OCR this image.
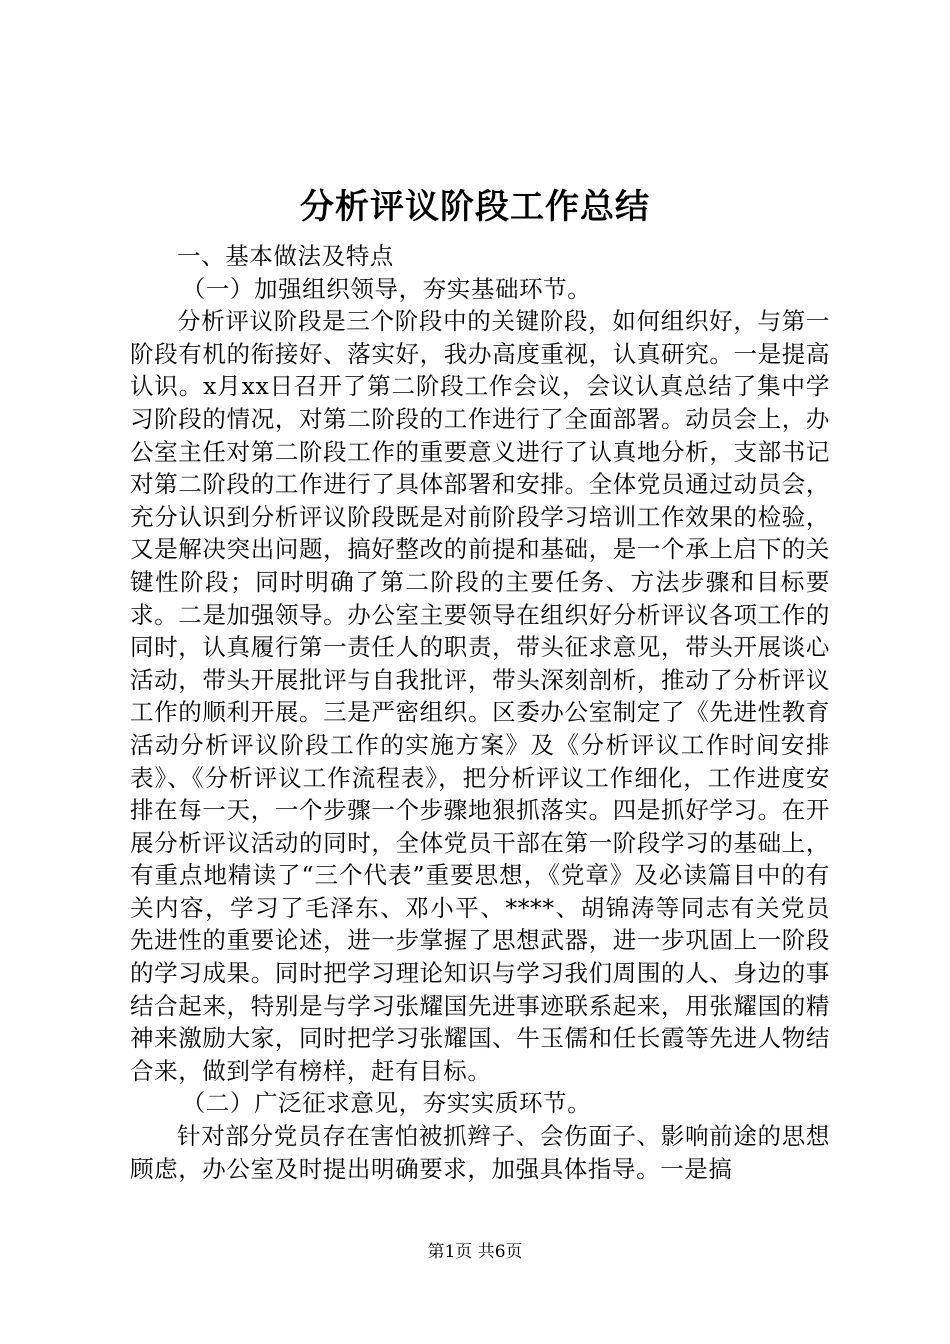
分析评议阶段工作总结

一、基本做法及特点

（一）加强组织领导，夯实基础环节。

分析评议阶段是三个阶段中的关键阶段，如何组织好，与第一阶段有机的衔接好、落实好，我办高度重视，认真研究。一是提高认识。x月xx日召开了第二阶段工作会议，会议认真总结了集中学习阶段的情况，对第二阶段的工作进行了全面部署。动员会上，办公室主任对第二阶段工作的重要意义进行了认真地分析，支部书记对第二阶段的工作进行了具体部署和安排。全体党员通过动员会，充分认识到分析评议阶段既是对前阶段学习培训工作效果的检验，又是解决突出问题，搞好整改的前提和基础，是一个承上启下的关键性阶段；同时明确了第二阶段的主要任务、方法步骤和目标要求。二是加强领导。办公室主要领导在组织好分析评议各项工作的同时，认真履行第一责任人的职责，带头征求意见，带头开展谈心活动，带头开展批评与自我批评，带头深刻剖析，推动了分析评议工作的顺利开展。三是严密组织。区委办公室制定了《先进性教育活动分析评议阶段工作的实施方案》及《分析评议工作时间安排表》、《分析评议工作流程表》，把分析评议工作细化，工作进度安排在每一天，一个步骤一个步骤地狠抓落实。四是抓好学习。在开展分析评议活动的同时，全体党员干部在第一阶段学习的基础上，有重点地精读了“三个代表”重要思想，《党章》及必读篇目中的有关内容，学习了毛泽东、邓小平、****、胡锦涛等同志有关党员先进性的重要论述，进一步掌握了思想武器，进一步巩固上一阶段的学习成果。同时把学习理论知识与学习我们周围的人、身边的事结合起来，特别是与学习张耀国先进事迹联系起来，用张耀国的精神来激励大家，同时把学习张耀国、牛玉儒和任长霞等先进人物结合来，做到学有榜样，赶有目标。

（二）广泛征求意见，夯实实质环节。

针对部分党员存在害怕被抓辫子、会伤面子、影响前途的思想顾虑，办公室及时提出明确要求，加强具体指导。一是搞

第1页 共6页
